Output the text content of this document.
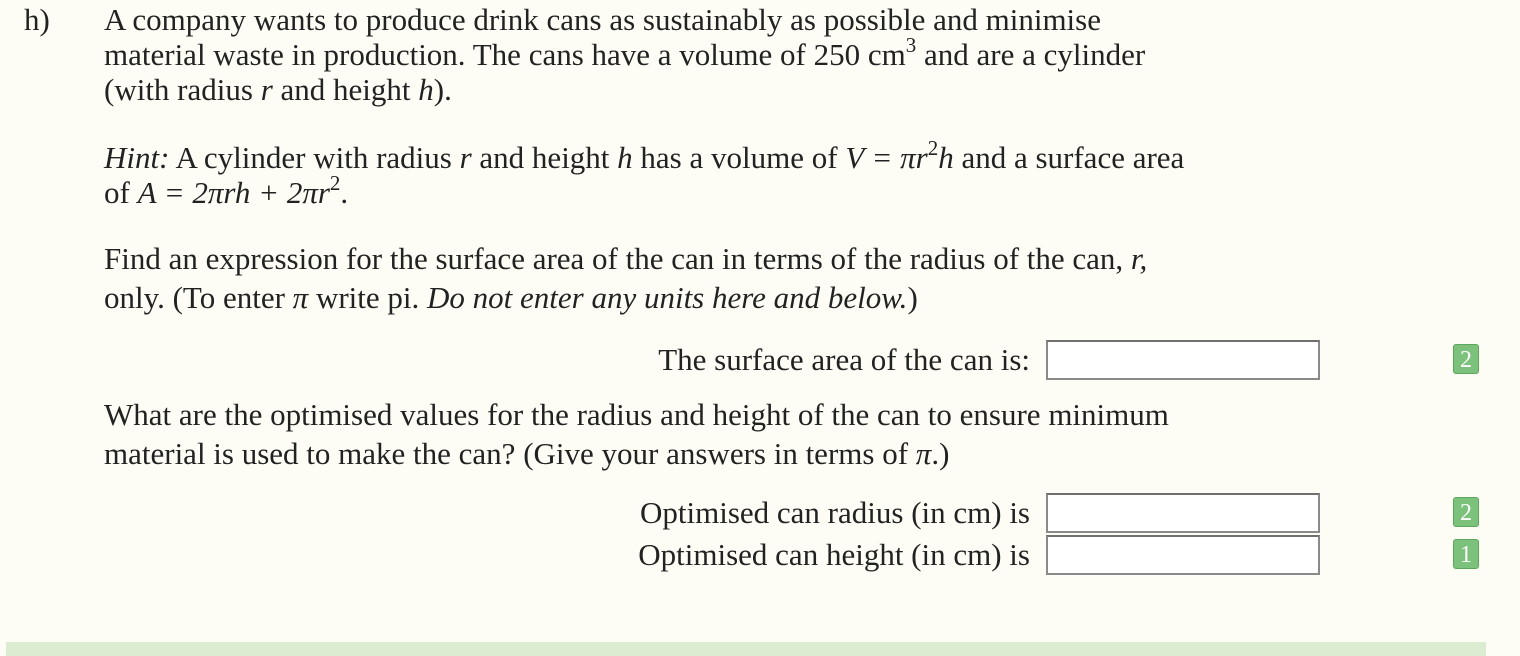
h) A company wants to produce drink cans as sustainably as possible and minimise material waste in production. The cans have a volume of 250 $cm^3$ and are a cylinder (with radius r and height h).
Hint: A cylinder with radius r and height h has a volume of $V = \pi r^2h$ and a surface area of $A = 2\pi rh + 2\pi r^2$.
Find an expression for the surface area of the can in terms of the radius of the can, r, only. (To enter π write pi. Do not enter any units here and below.)
The surface area of the can is:	2
What are the optimised values for the radius and height of the can to ensure minimum material is used to make the can? (Give your answers in terms of π.)
Optimised can radius (in cm) is	2
Optimised can height (in cm) is	1
